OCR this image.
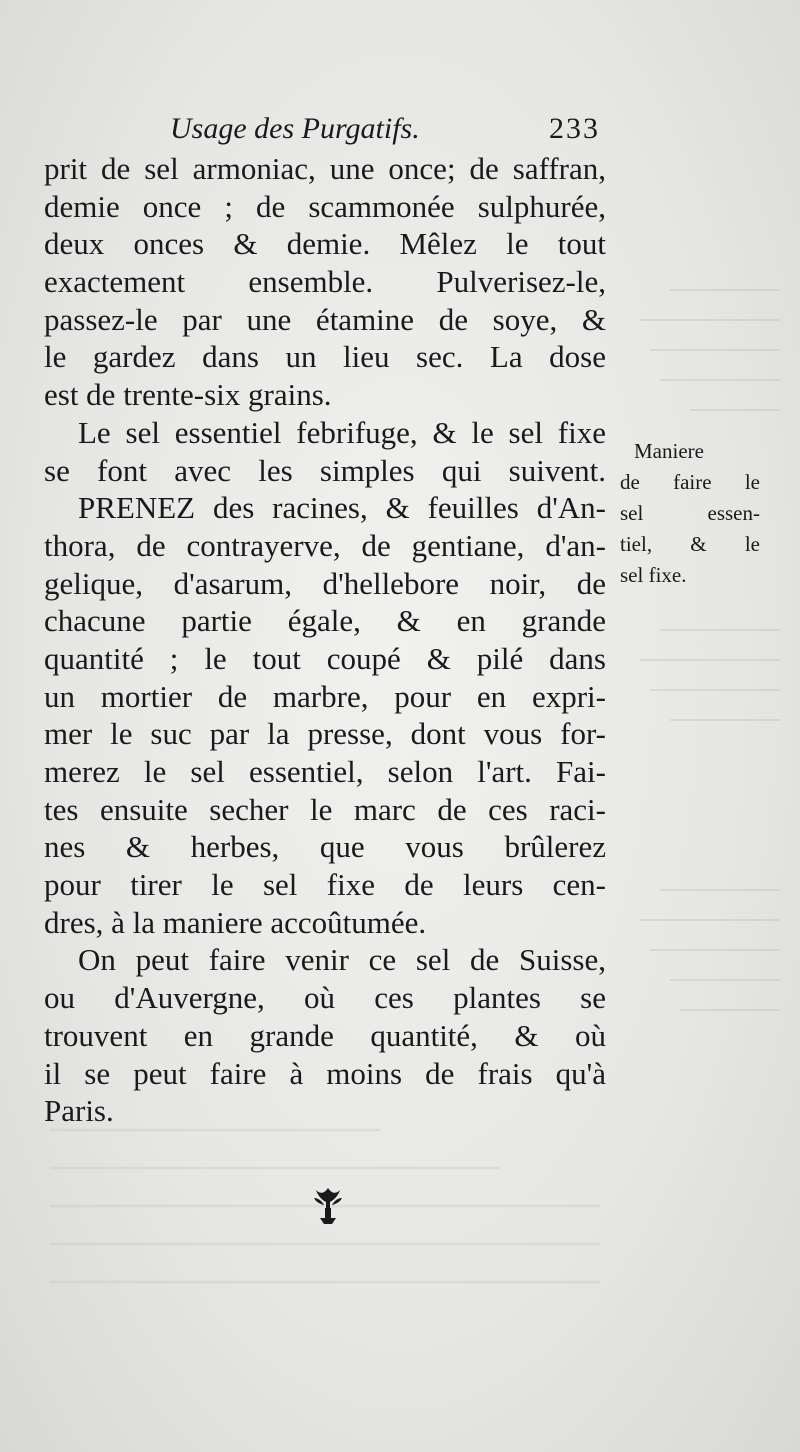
Usage des Purgatifs.	233
prit de sel armoniac, une once; de saffran,
demie once ; de scammonée sulphurée,
deux onces & demie. Mêlez le tout
exactement ensemble. Pulverisez-le,
passez-le par une étamine de soye, &
le gardez dans un lieu sec. La dose
est de trente-six grains.
Le sel essentiel febrifuge, & le sel fixe
se font avec les simples qui suivent.
PRENEZ des racines, & feuilles d'An-
thora, de contrayerve, de gentiane, d'an-
gelique, d'asarum, d'hellebore noir, de
chacune partie égale, & en grande
quantité ; le tout coupé & pilé dans
un mortier de marbre, pour en expri-
mer le suc par la presse, dont vous for-
merez le sel essentiel, selon l'art. Fai-
tes ensuite secher le marc de ces raci-
nes & herbes, que vous brûlerez
pour tirer le sel fixe de leurs cen-
dres, à la maniere accoûtumée.
On peut faire venir ce sel de Suisse,
ou d'Auvergne, où ces plantes se
trouvent en grande quantité, & où
il se peut faire à moins de frais qu'à
Paris.
Maniere
de faire le
sel essen-
tiel, & le
sel fixe.
